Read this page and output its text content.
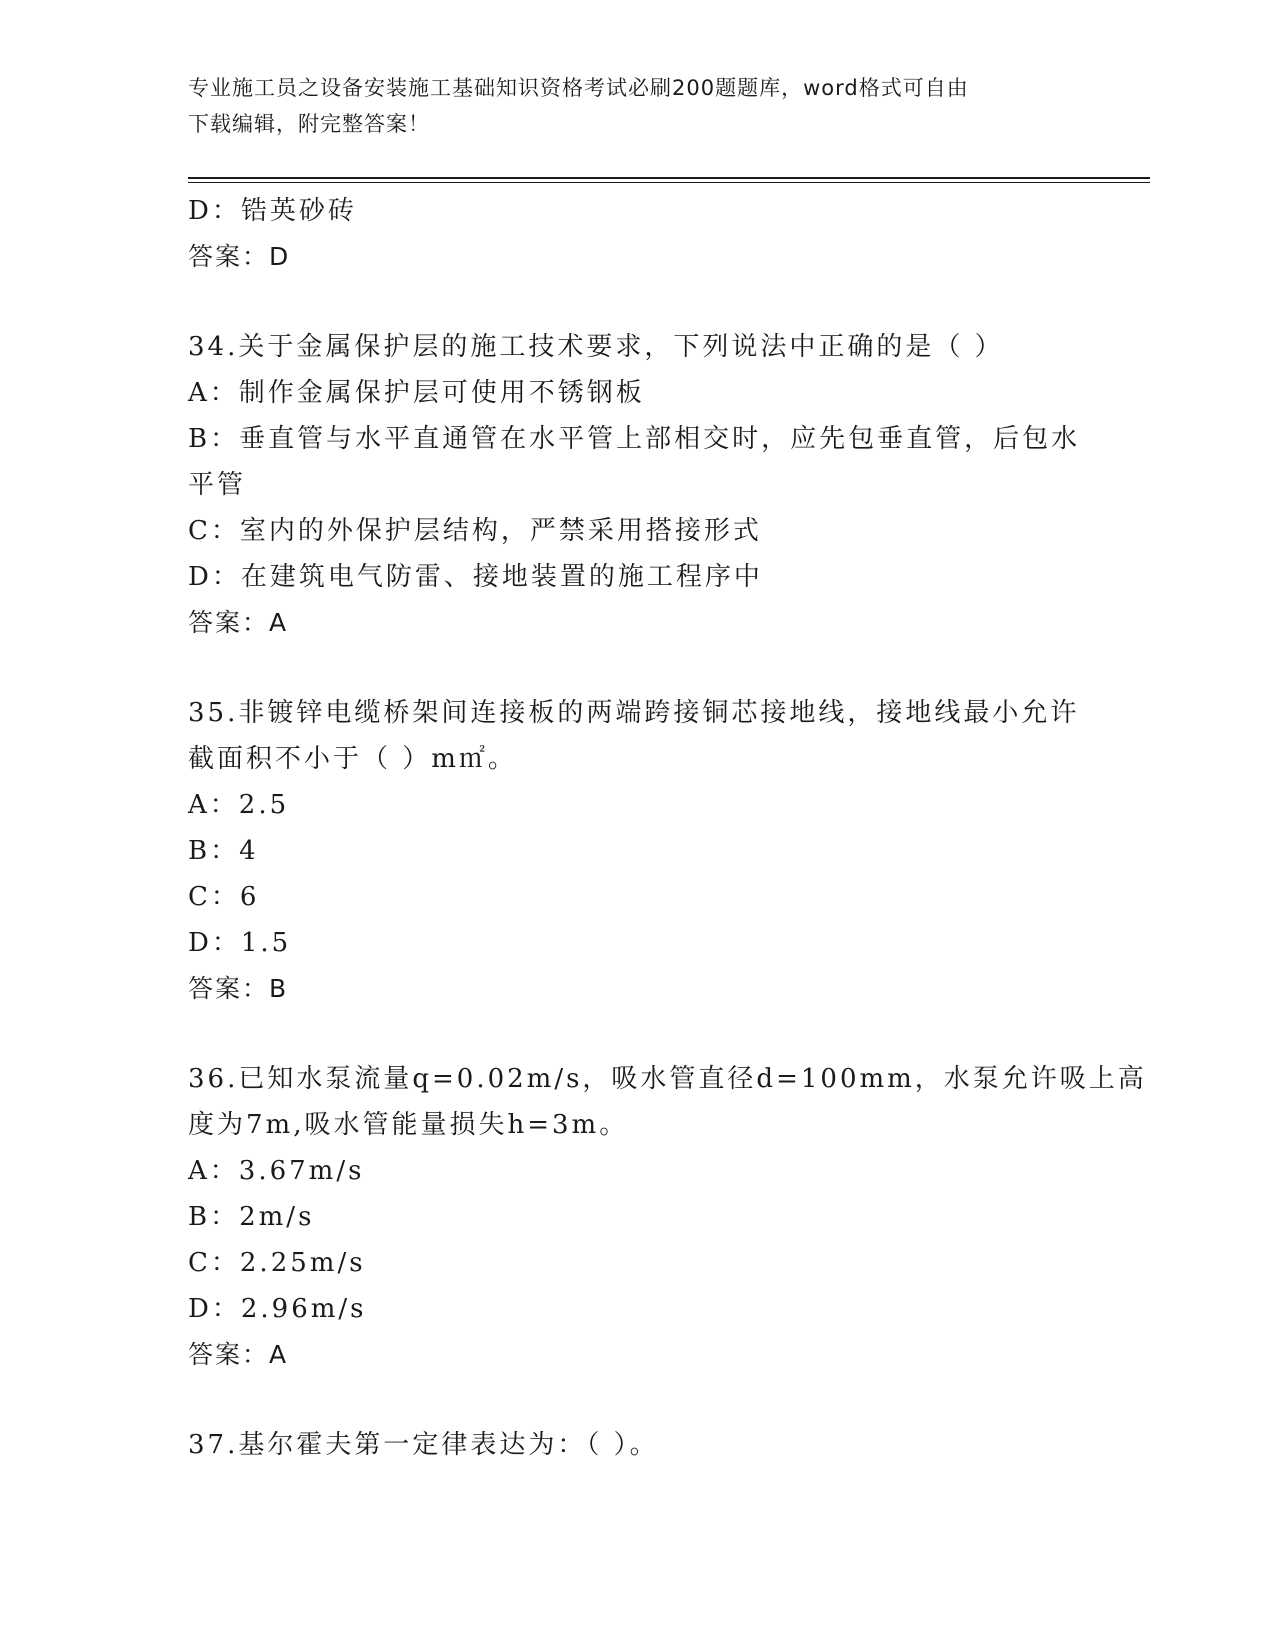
专业施工员之设备安装施工基础知识资格考试必刷200题题库，word格式可自由
下载编辑，附完整答案！
D：锆英砂砖
答案：D
34.关于金属保护层的施工技术要求，下列说法中正确的是（ ）
A：制作金属保护层可使用不锈钢板
B：垂直管与水平直通管在水平管上部相交时，应先包垂直管，后包水
平管
C：室内的外保护层结构，严禁采用搭接形式
D：在建筑电气防雷、接地装置的施工程序中
答案：A
35.非镀锌电缆桥架间连接板的两端跨接铜芯接地线，接地线最小允许
截面积不小于（ ）m㎡。
A：2.5
B：4
C：6
D：1.5
答案：B
36.已知水泵流量q=0.02m/s，吸水管直径d=100mm，水泵允许吸上高
度为7m,吸水管能量损失h=3m。
A：3.67m/s
B：2m/s
C：2.25m/s
D：2.96m/s
答案：A
37.基尔霍夫第一定律表达为：（ ）。
